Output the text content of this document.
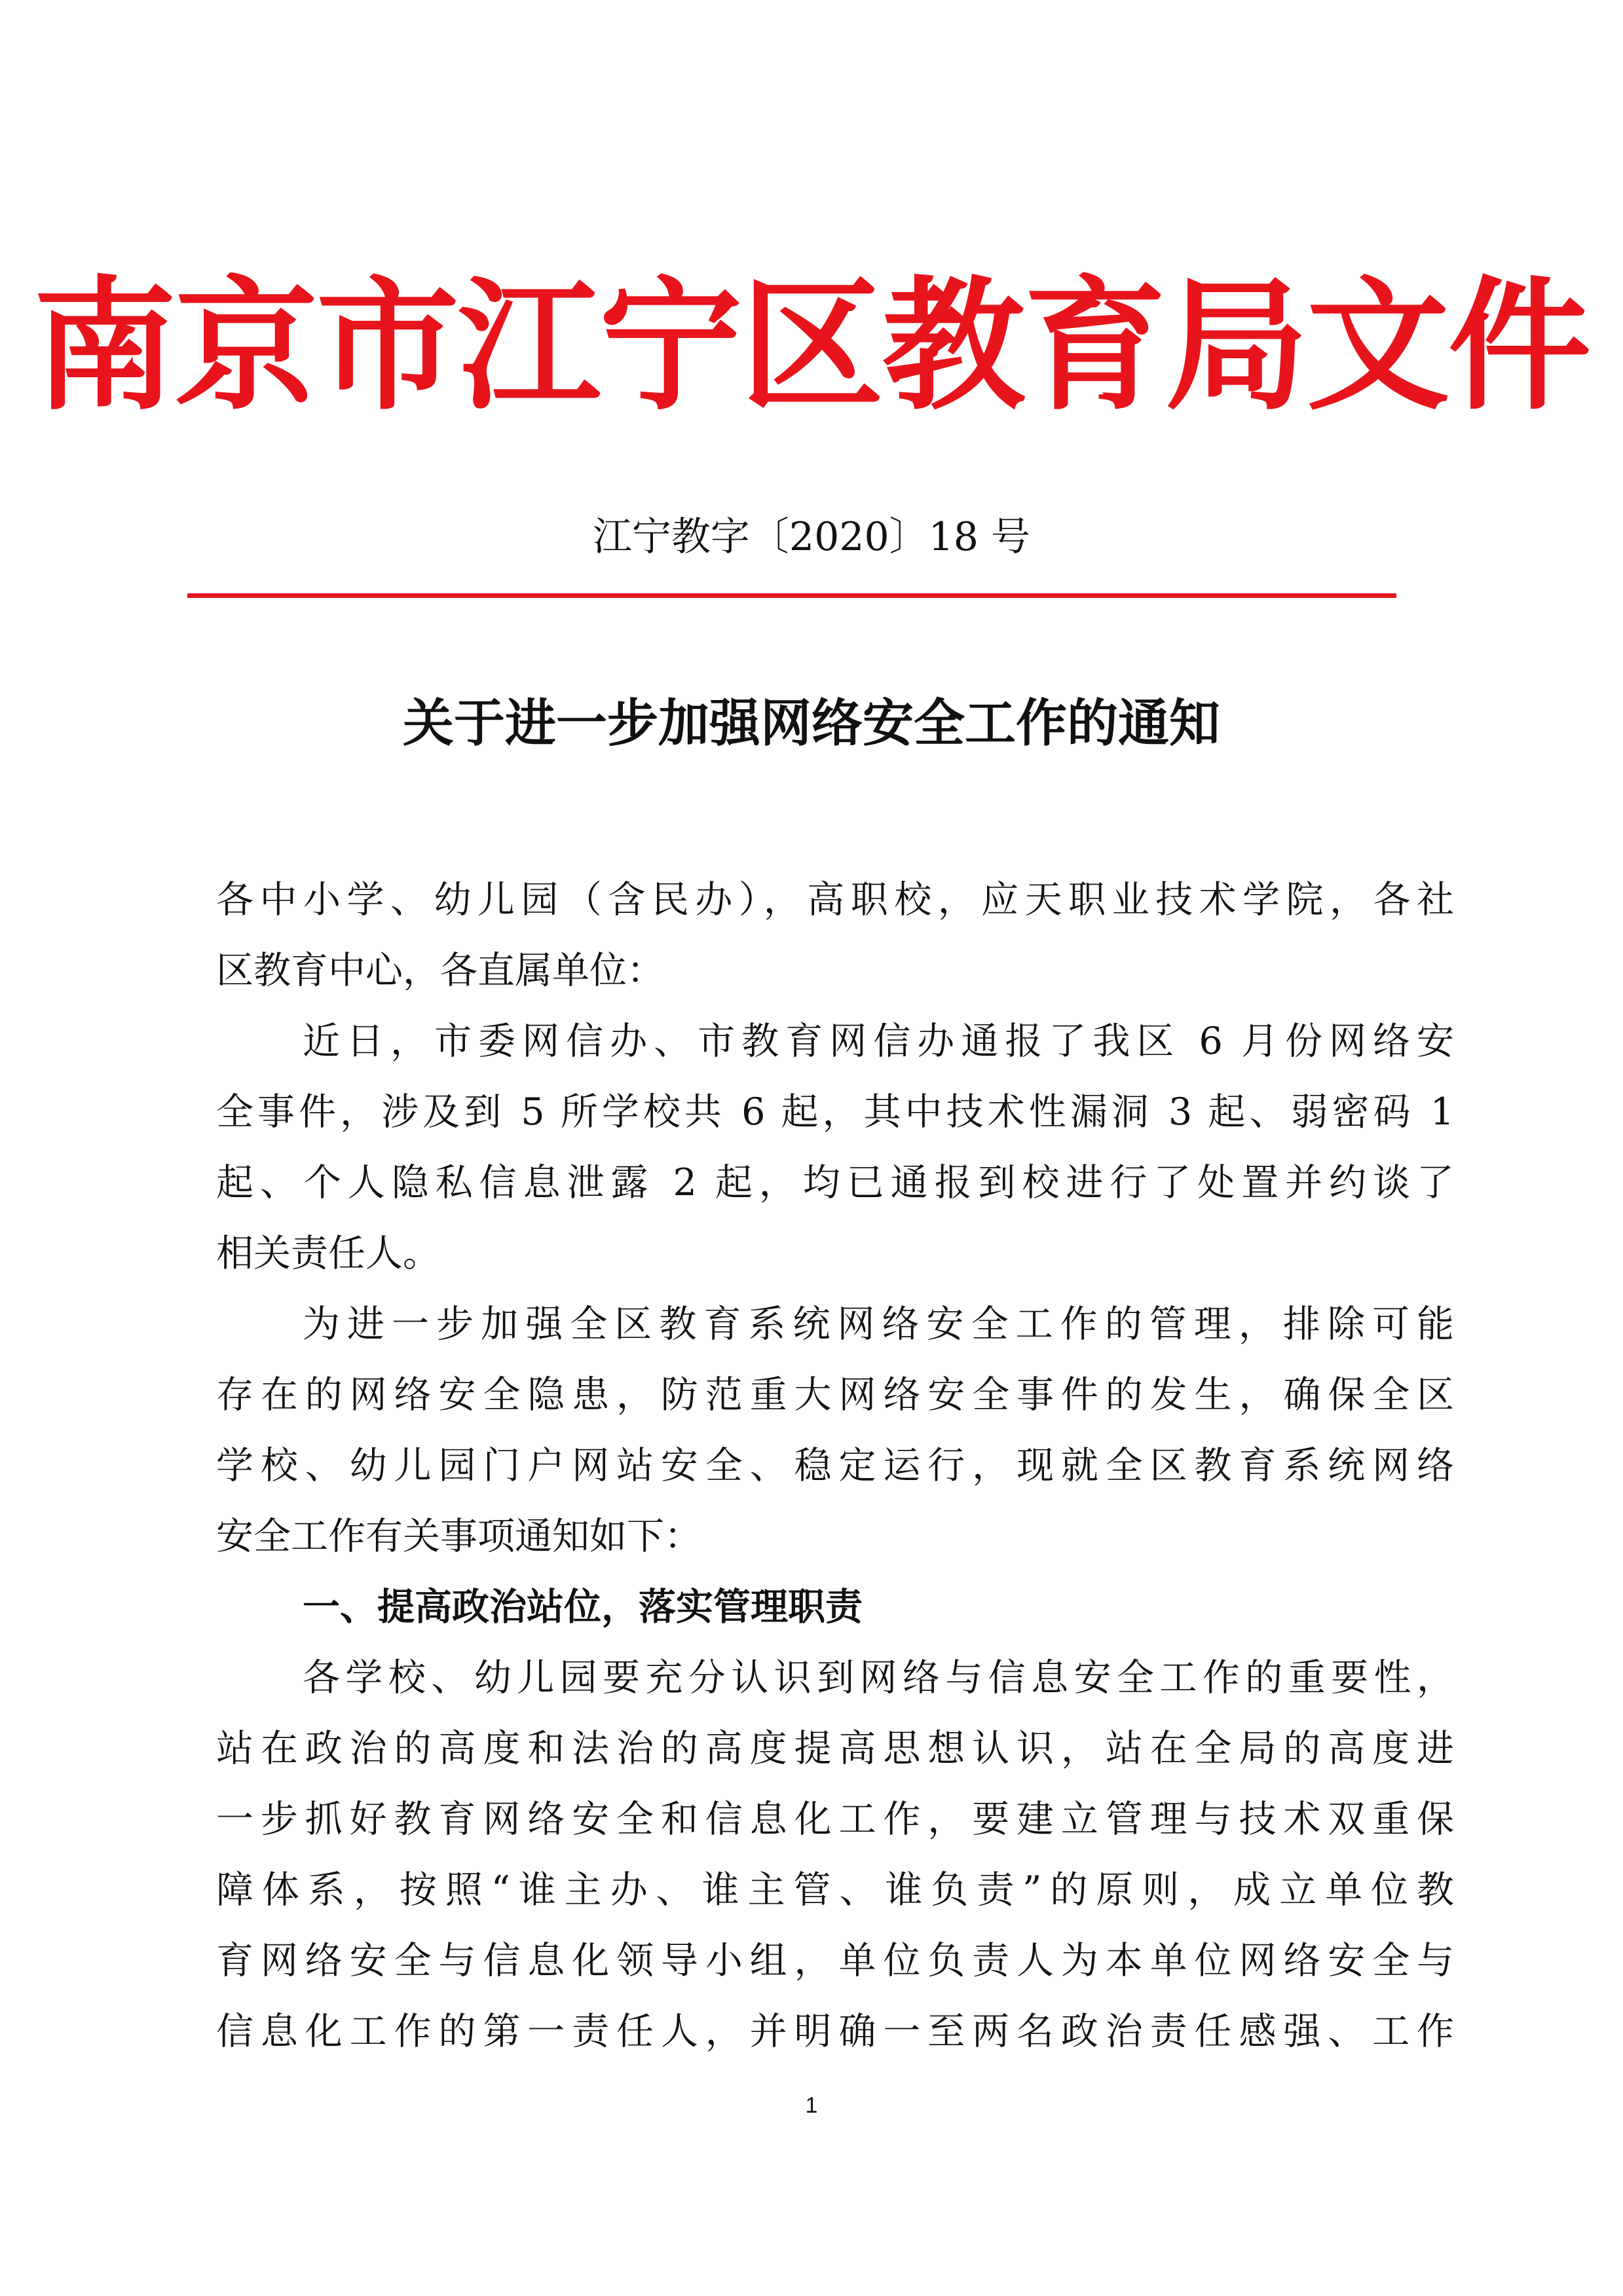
南京市江宁区教育局文件
江宁教字〔2020〕18 号
关于进一步加强网络安全工作的通知
各中小学、幼儿园（含民办），高职校，应天职业技术学院，各社
区教育中心，各直属单位：
近日，市委网信办、市教育网信办通报了我区 6 月份网络安
全事件，涉及到 5 所学校共 6 起，其中技术性漏洞 3 起、弱密码 1
起、个人隐私信息泄露 2 起，均已通报到校进行了处置并约谈了
相关责任人。
为进一步加强全区教育系统网络安全工作的管理，排除可能
存在的网络安全隐患，防范重大网络安全事件的发生，确保全区
学校、幼儿园门户网站安全、稳定运行，现就全区教育系统网络
安全工作有关事项通知如下：
一、提高政治站位，落实管理职责
各学校、幼儿园要充分认识到网络与信息安全工作的重要性，
站在政治的高度和法治的高度提高思想认识，站在全局的高度进
一步抓好教育网络安全和信息化工作，要建立管理与技术双重保
障体系，按照“谁主办、谁主管、谁负责”的原则，成立单位教
育网络安全与信息化领导小组，单位负责人为本单位网络安全与
信息化工作的第一责任人，并明确一至两名政治责任感强、工作
1
